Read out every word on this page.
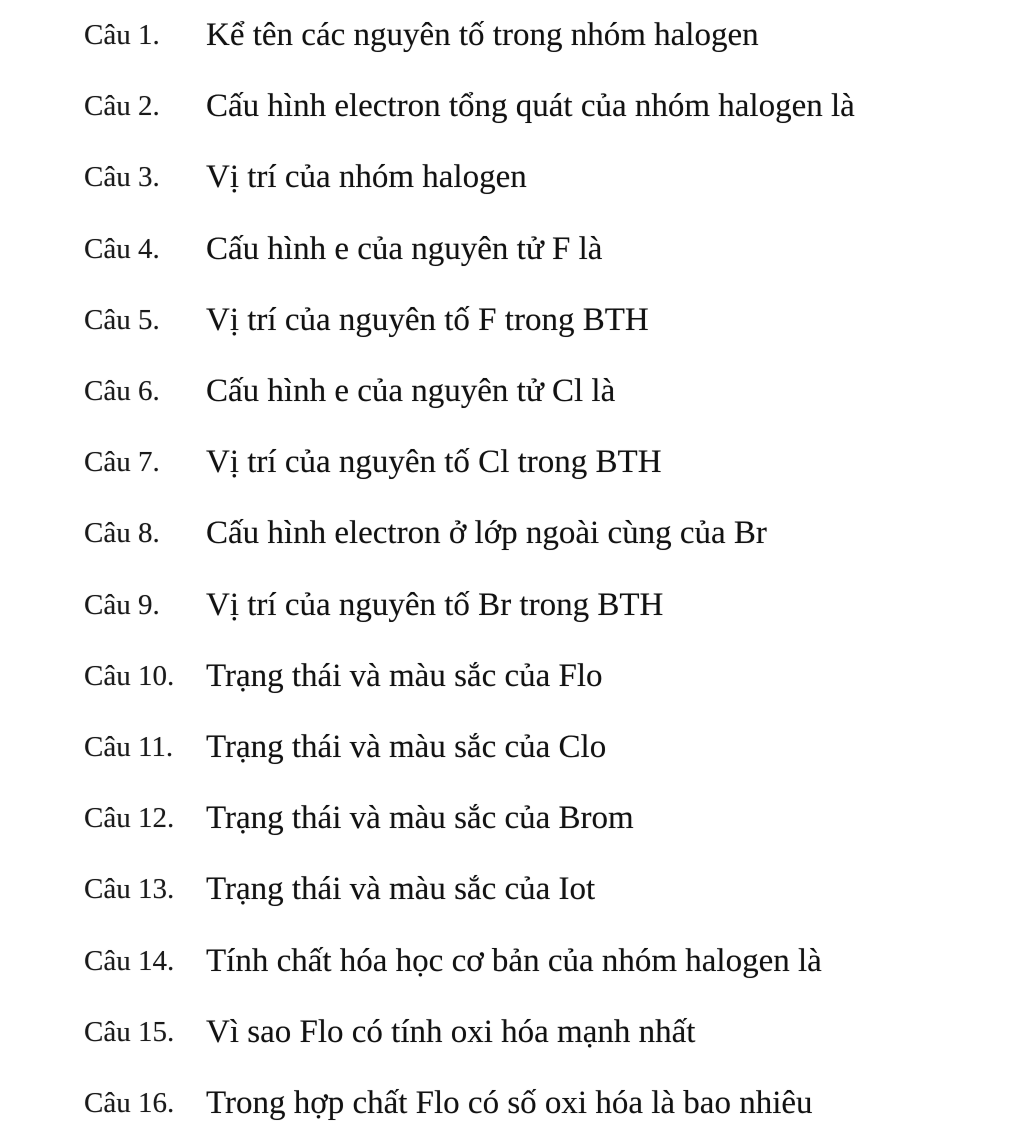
Câu 1.	Kể tên các nguyên tố trong nhóm halogen
Câu 2.	Cấu hình electron tổng quát của nhóm halogen là
Câu 3.	Vị trí của nhóm halogen
Câu 4.	Cấu hình e của nguyên tử F là
Câu 5.	Vị trí của nguyên tố F trong BTH
Câu 6.	Cấu hình e của nguyên tử Cl là
Câu 7.	Vị trí của nguyên tố Cl trong BTH
Câu 8.	Cấu hình electron ở lớp ngoài cùng của Br
Câu 9.	Vị trí của nguyên tố Br trong BTH
Câu 10. Trạng thái và màu sắc của Flo
Câu 11. Trạng thái và màu sắc của Clo
Câu 12. Trạng thái và màu sắc của Brom
Câu 13. Trạng thái và màu sắc của Iot
Câu 14. Tính chất hóa học cơ bản của nhóm halogen là
Câu 15. Vì sao Flo có tính oxi hóa mạnh nhất
Câu 16. Trong hợp chất Flo có số oxi hóa là bao nhiêu
